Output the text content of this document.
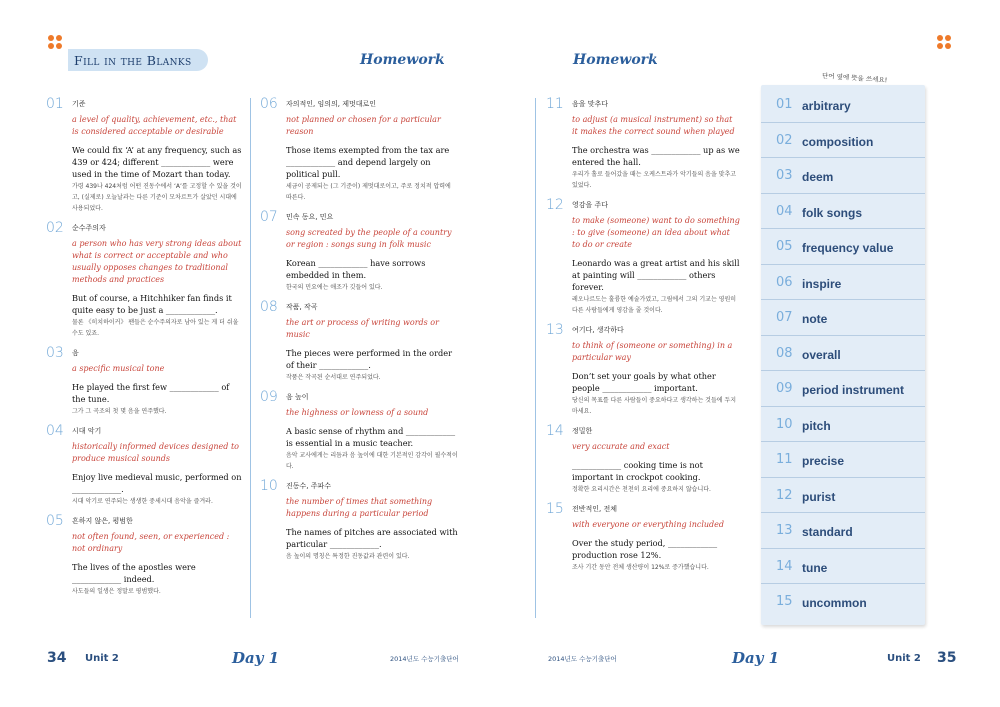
Fill in the Blanks	Homework	Homework
단어 옆에 뜻을 쓰세요!
01 기준
a level of quality, achievement, etc., that is considered acceptable or desirable
We could fix ‘A’ at any frequency, such as 439 or 424; different ____________ were used in the time of Mozart than today.
가령 439나 424처럼 어떤 진동수에서 ‘A’를 고정할 수 있을 것이고, (실제로) 오늘날과는 다른 기준이 모차르트가 살았던 시대에 사용되었다.
02 순수주의자
a person who has very strong ideas about what is correct or acceptable and who usually opposes changes to traditional methods and practices
But of course, a Hitchhiker fan finds it quite easy to be just a ____________.
물론 《히치하이커》 팬들은 순수주의자로 남아 있는 게 더 쉬울 수도 있죠.
03 음
a specific musical tone
He played the first few ____________ of the tune.
그가 그 곡조의 첫 몇 음을 연주했다.
04 시대 악기
historically informed devices designed to produce musical sounds
Enjoy live medieval music, performed on ____________.
시대 악기로 연주되는 생생한 중세시대 음악을 즐겨라.
05 흔하지 않은, 평범한
not often found, seen, or experienced : not ordinary
The lives of the apostles were ____________ indeed.
사도들의 일생은 정말로 평범했다.
06 자의적인, 임의의, 제멋대로인
not planned or chosen for a particular reason
Those items exempted from the tax are ____________ and depend largely on political pull.
세금이 공제되는 (그 기준이) 제멋대로이고, 주로 정치적 압력에 따른다.
07 민속 동요, 민요
song screated by the people of a country or region : songs sung in folk music
Korean ____________ have sorrows embedded in them.
한국의 민요에는 애조가 깃들어 있다.
08 작품, 작곡
the art or process of writing words or music
The pieces were performed in the order of their ____________.
작품은 작곡된 순서대로 연주되었다.
09 음 높이
the highness or lowness of a sound
A basic sense of rhythm and ____________ is essential in a music teacher.
음악 교사에게는 리듬과 음 높이에 대한 기본적인 감각이 필수적이다.
10 진동수, 주파수
the number of times that something happens during a particular period
The names of pitches are associated with particular ____________.
음 높이의 명칭은 특정한 진동값과 관련이 있다.
11 음을 맞추다
to adjust (a musical instrument) so that it makes the correct sound when played
The orchestra was ____________ up as we entered the hall.
우리가 홀로 들어갔을 때는 오케스트라가 악기들의 음을 맞추고 있었다.
12 영감을 주다
to make (someone) want to do something : to give (someone) an idea about what to do or create
Leonardo was a great artist and his skill at painting will ____________ others forever.
레오나르도는 훌륭한 예술가였고, 그림에서 그의 기교는 영원히 다른 사람들에게 영감을 줄 것이다.
13 여기다, 생각하다
to think of (someone or something) in a particular way
Don’t set your goals by what other people ____________ important.
당신의 목표를 다른 사람들이 중요하다고 생각하는 것들에 두지 마세요.
14 정밀한
very accurate and exact
____________ cooking time is not important in crockpot cooking.
정확한 요리시간은 천천히 요리에 중요하지 않습니다.
15 전반적인, 전체
with everyone or everything included
Over the study period, ____________ production rose 12%.
조사 기간 동안 전체 생산량이 12%로 증가했습니다.
01 arbitrary
02 composition
03 deem
04 folk songs
05 frequency value
06 inspire
07 note
08 overall
09 period instrument
10 pitch
11 precise
12 purist
13 standard
14 tune
15 uncommon
34 Unit 2	Day 1	2014년도 수능기출단어	2014년도 수능기출단어	Day 1	Unit 2 35
